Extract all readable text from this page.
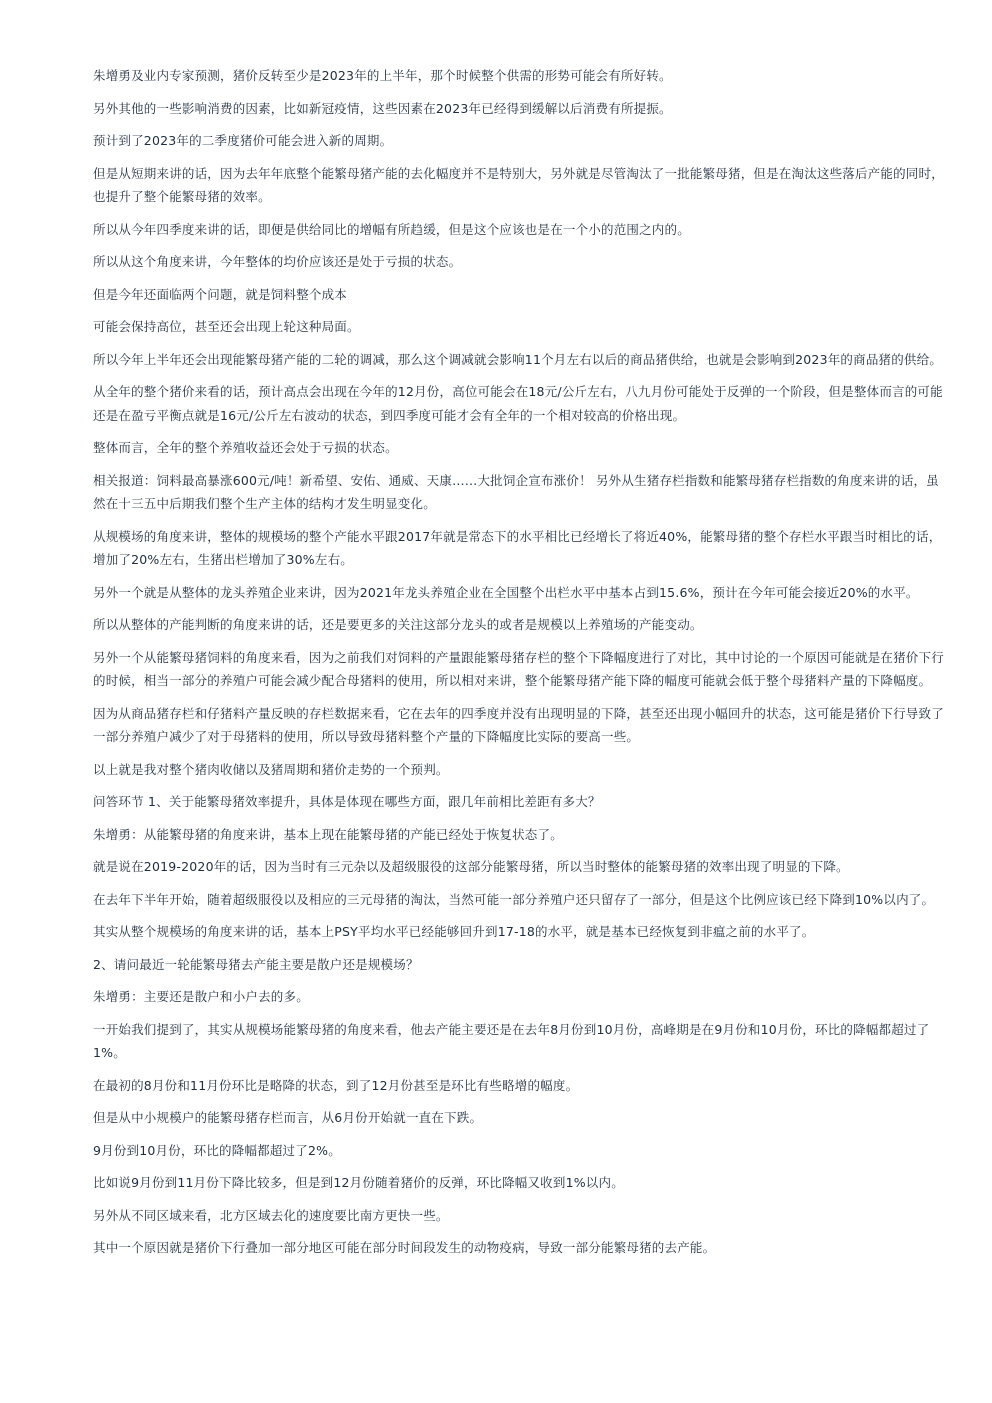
朱增勇及业内专家预测，猪价反转至少是2023年的上半年，那个时候整个供需的形势可能会有所好转。

另外其他的一些影响消费的因素，比如新冠疫情，这些因素在2023年已经得到缓解以后消费有所提振。

预计到了2023年的二季度猪价可能会进入新的周期。

但是从短期来讲的话，因为去年年底整个能繁母猪产能的去化幅度并不是特别大，另外就是尽管淘汰了一批能繁母猪，但是在淘汰这些落后产能的同时，也提升了整个能繁母猪的效率。

所以从今年四季度来讲的话，即便是供给同比的增幅有所趋缓，但是这个应该也是在一个小的范围之内的。

所以从这个角度来讲，今年整体的均价应该还是处于亏损的状态。

但是今年还面临两个问题，就是饲料整个成本

可能会保持高位，甚至还会出现上轮这种局面。

所以今年上半年还会出现能繁母猪产能的二轮的调减，那么这个调减就会影响11个月左右以后的商品猪供给，也就是会影响到2023年的商品猪的供给。

从全年的整个猪价来看的话，预计高点会出现在今年的12月份，高位可能会在18元/公斤左右，八九月份可能处于反弹的一个阶段，但是整体而言的可能还是在盈亏平衡点就是16元/公斤左右波动的状态，到四季度可能才会有全年的一个相对较高的价格出现。

整体而言，全年的整个养殖收益还会处于亏损的状态。

相关报道：饲料最高暴涨600元/吨！新希望、安佑、通威、天康……大批饲企宣布涨价！ 另外从生猪存栏指数和能繁母猪存栏指数的角度来讲的话，虽然在十三五中后期我们整个生产主体的结构才发生明显变化。

从规模场的角度来讲，整体的规模场的整个产能水平跟2017年就是常态下的水平相比已经增长了将近40%，能繁母猪的整个存栏水平跟当时相比的话，增加了20%左右，生猪出栏增加了30%左右。

另外一个就是从整体的龙头养殖企业来讲，因为2021年龙头养殖企业在全国整个出栏水平中基本占到15.6%，预计在今年可能会接近20%的水平。

所以从整体的产能判断的角度来讲的话，还是要更多的关注这部分龙头的或者是规模以上养殖场的产能变动。

另外一个从能繁母猪饲料的角度来看，因为之前我们对饲料的产量跟能繁母猪存栏的整个下降幅度进行了对比，其中讨论的一个原因可能就是在猪价下行的时候，相当一部分的养殖户可能会减少配合母猪料的使用，所以相对来讲，整个能繁母猪产能下降的幅度可能就会低于整个母猪料产量的下降幅度。

因为从商品猪存栏和仔猪料产量反映的存栏数据来看，它在去年的四季度并没有出现明显的下降，甚至还出现小幅回升的状态，这可能是猪价下行导致了一部分养殖户减少了对于母猪料的使用，所以导致母猪料整个产量的下降幅度比实际的要高一些。

以上就是我对整个猪肉收储以及猪周期和猪价走势的一个预判。

问答环节 1、关于能繁母猪效率提升，具体是体现在哪些方面，跟几年前相比差距有多大？

朱增勇：从能繁母猪的角度来讲，基本上现在能繁母猪的产能已经处于恢复状态了。

就是说在2019-2020年的话，因为当时有三元杂以及超级服役的这部分能繁母猪，所以当时整体的能繁母猪的效率出现了明显的下降。

在去年下半年开始，随着超级服役以及相应的三元母猪的淘汰，当然可能一部分养殖户还只留存了一部分，但是这个比例应该已经下降到10%以内了。

其实从整个规模场的角度来讲的话，基本上PSY平均水平已经能够回升到17-18的水平，就是基本已经恢复到非瘟之前的水平了。

2、请问最近一轮能繁母猪去产能主要是散户还是规模场？

朱增勇：主要还是散户和小户去的多。

一开始我们提到了，其实从规模场能繁母猪的角度来看，他去产能主要还是在去年8月份到10月份，高峰期是在9月份和10月份，环比的降幅都超过了1%。

在最初的8月份和11月份环比是略降的状态，到了12月份甚至是环比有些略增的幅度。

但是从中小规模户的能繁母猪存栏而言，从6月份开始就一直在下跌。

9月份到10月份，环比的降幅都超过了2%。

比如说9月份到11月份下降比较多，但是到12月份随着猪价的反弹，环比降幅又收到1%以内。

另外从不同区域来看，北方区域去化的速度要比南方更快一些。

其中一个原因就是猪价下行叠加一部分地区可能在部分时间段发生的动物疫病，导致一部分能繁母猪的去产能。
